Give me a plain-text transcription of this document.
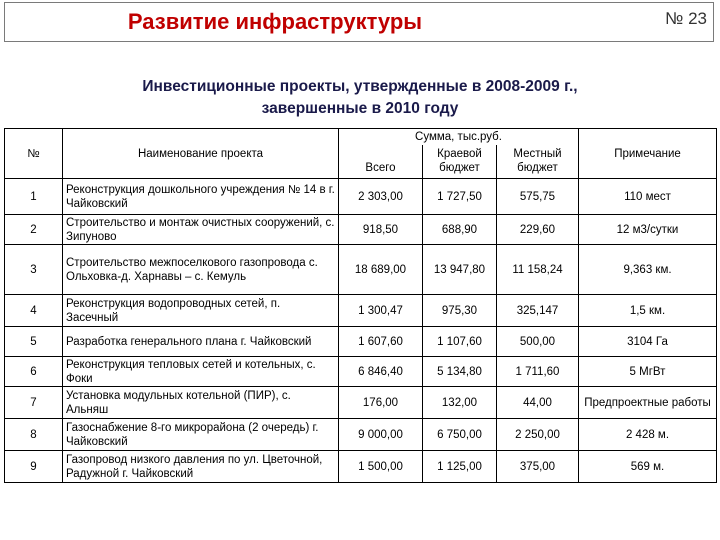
Развитие инфраструктуры	№ 23
Инвестиционные проекты, утвержденные в 2008-2009 г.,
завершенные в 2010 году
№	Наименование проекта	Сумма, тыс.руб.			Примечание
		Всего	Краевой бюджет	Местный бюджет	
1	Реконструкция дошкольного учреждения № 14 в г. Чайковский	2 303,00	1 727,50	575,75	110 мест
2	Строительство и монтаж очистных сооружений, с. Зипуново	918,50	688,90	229,60	12 м3/сутки
3	Строительство межпоселкового газопровода с. Ольховка-д. Харнавы – с. Кемуль	18 689,00	13 947,80	11 158,24	9,363 км.
4	Реконструкция водопроводных сетей, п. Засечный	1 300,47	975,30	325,147	1,5 км.
5	Разработка генерального плана г. Чайковский	1 607,60	1 107,60	500,00	3104 Га
6	Реконструкция тепловых сетей и котельных, с. Фоки	6 846,40	5 134,80	1 711,60	5 МгВт
7	Установка модульных котельной (ПИР), с. Альняш	176,00	132,00	44,00	Предпроектные работы
8	Газоснабжение 8-го микрорайона (2 очередь) г. Чайковский	9 000,00	6 750,00	2 250,00	2 428 м.
9	Газопровод низкого давления по ул. Цветочной, Радужной г. Чайковский	1 500,00	1 125,00	375,00	569 м.
